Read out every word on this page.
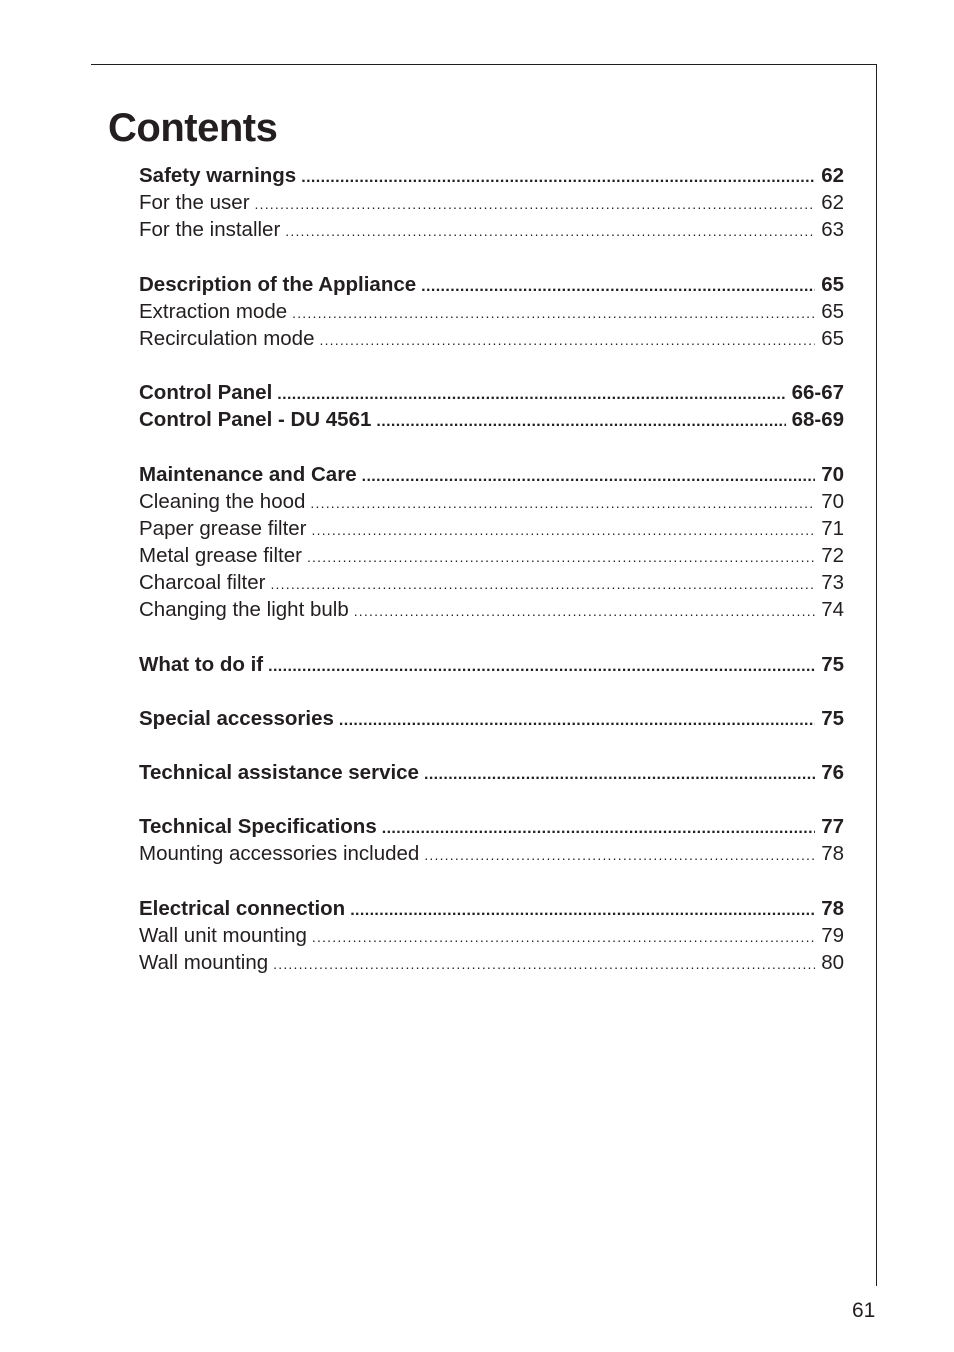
Contents
Safety warnings .....	62
For the user .....	62
For the installer .....	63
Description of the Appliance .....	65
Extraction mode .....	65
Recirculation mode .....	65
Control Panel .....	66-67
Control Panel - DU 4561 .....	68-69
Maintenance and Care .....	70
Cleaning the hood .....	70
Paper grease filter .....	71
Metal grease filter .....	72
Charcoal filter .....	73
Changing the light bulb .....	74
What to do if .....	75
Special accessories .....	75
Technical assistance service .....	76
Technical Specifications .....	77
Mounting accessories included .....	78
Electrical connection .....	78
Wall unit mounting .....	79
Wall mounting .....	80
61
